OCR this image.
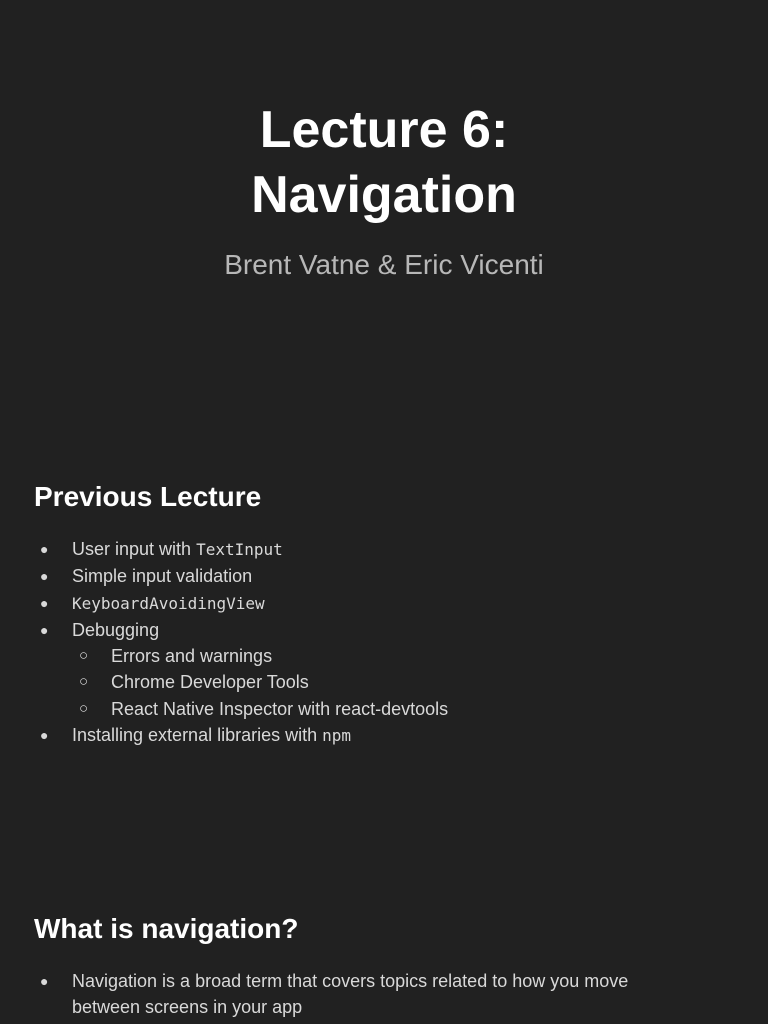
Lecture 6:
Navigation
Brent Vatne & Eric Vicenti
Previous Lecture
● User input with TextInput
● Simple input validation
● KeyboardAvoidingView
● Debugging
○ Errors and warnings
○ Chrome Developer Tools
○ React Native Inspector with react-devtools
● Installing external libraries with npm
What is navigation?
● Navigation is a broad term that covers topics related to how you move between screens in your app
